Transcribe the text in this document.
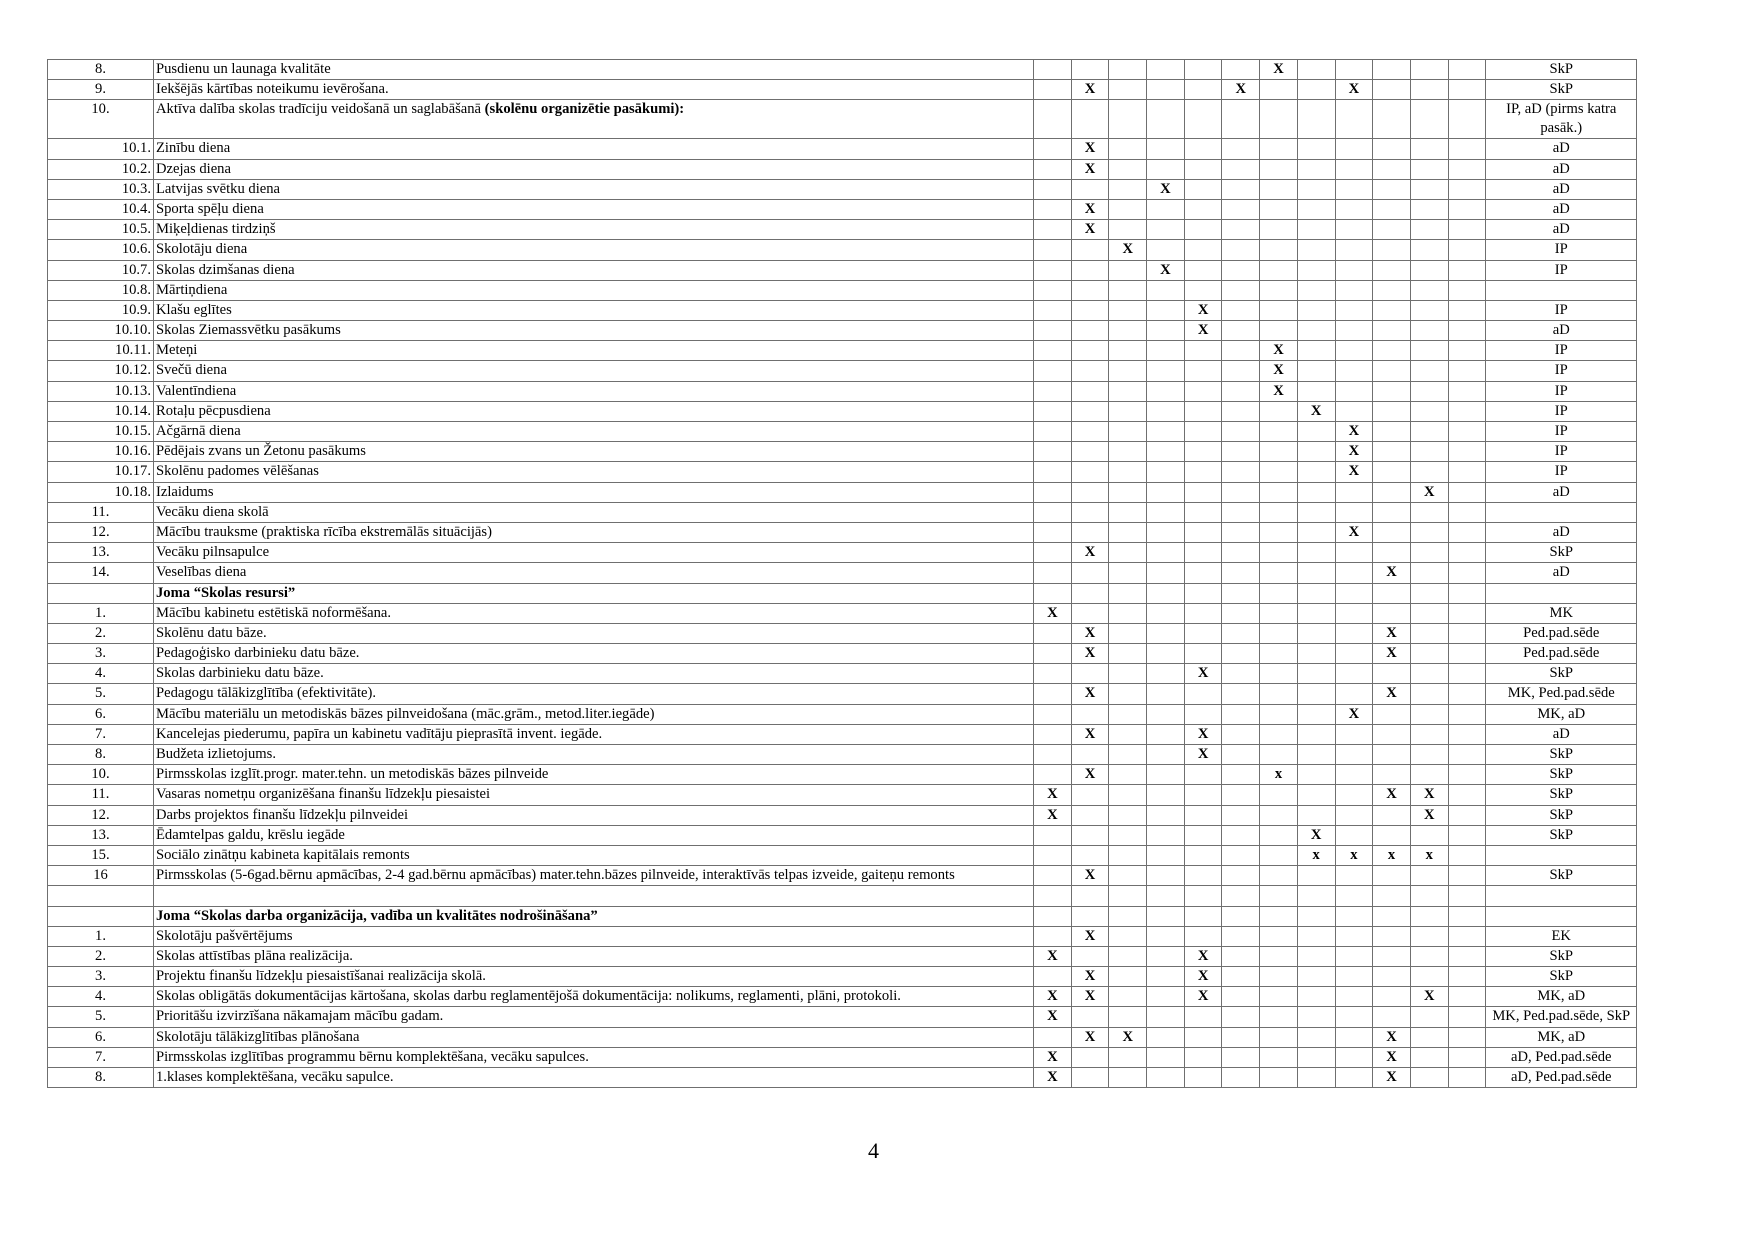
8.	Pusdienu un launaga kvalitāte							X						SkP
9.	Iekšējās kārtības noteikumu ievērošana.		X				X			X				SkP
10.	Aktīva dalība skolas tradīciju veidošanā un saglabāšanā (skolēnu organizētie pasākumi):													IP, aD (pirms katra pasāk.)
10.1.	Zinību diena		X											aD
10.2.	Dzejas diena		X											aD
10.3.	Latvijas svētku diena				X									aD
10.4.	Sporta spēļu diena		X											aD
10.5.	Miķeļdienas tirdziņš		X											aD
10.6.	Skolotāju diena			X										IP
10.7.	Skolas dzimšanas diena				X									IP
10.8.	Mārtiņdiena													
10.9.	Klašu eglītes					X								IP
10.10.	Skolas Ziemassvētku pasākums					X								aD
10.11.	Meteņi							X						IP
10.12.	Svečū diena							X						IP
10.13.	Valentīndiena							X						IP
10.14.	Rotaļu pēcpusdiena								X					IP
10.15.	Ačgārnā diena									X				IP
10.16.	Pēdējais zvans un Žetonu pasākums									X				IP
10.17.	Skolēnu padomes vēlēšanas									X				IP
10.18.	Izlaidums											X		aD
11.	Vecāku diena skolā													
12.	Mācību trauksme (praktiska rīcība ekstremālās situācijās)									X				aD
13.	Vecāku pilnsapulce		X											SkP
14.	Veselības diena										X			aD
	Joma “Skolas resursi”													
1.	Mācību kabinetu estētiskā noformēšana.	X												MK
2.	Skolēnu datu bāze.		X								X			Ped.pad.sēde
3.	Pedagoģisko darbinieku datu bāze.		X								X			Ped.pad.sēde
4.	Skolas darbinieku datu bāze.					X								SkP
5.	Pedagogu tālākizglītība (efektivitāte).		X								X			MK, Ped.pad.sēde
6.	Mācību materiālu un metodiskās bāzes pilnveidošana (māc.grām., metod.liter.iegāde)									X				MK, aD
7.	Kancelejas piederumu, papīra un kabinetu vadītāju pieprasītā invent. iegāde.		X			X								aD
8.	Budžeta izlietojums.					X								SkP
10.	Pirmsskolas izglīt.progr. mater.tehn. un metodiskās bāzes pilnveide		X					x						SkP
11.	Vasaras nometņu organizēšana finanšu līdzekļu piesaistei	X									X	X		SkP
12.	Darbs projektos finanšu līdzekļu pilnveidei	X										X		SkP
13.	Ēdamtelpas galdu, krēslu iegāde								X					SkP
15.	Sociālo zinātņu kabineta kapitālais remonts								x	x	x	x		
16	Pirmsskolas (5-6gad.bērnu apmācības, 2-4 gad.bērnu apmācības) mater.tehn.bāzes pilnveide, interaktīvās telpas izveide, gaiteņu remonts		X											SkP

	Joma “Skolas darba organizācija, vadība un kvalitātes nodrošināšana”													
1.	Skolotāju pašvērtējums		X											EK
2.	Skolas attīstības plāna realizācija.	X				X								SkP
3.	Projektu finanšu līdzekļu piesaistīšanai realizācija skolā.		X			X								SkP
4.	Skolas obligātās dokumentācijas kārtošana, skolas darbu reglamentējošā dokumentācija: nolikums, reglamenti, plāni, protokoli.	X	X			X						X		MK, aD
5.	Prioritāšu izvirzīšana nākamajam mācību gadam.	X												MK, Ped.pad.sēde, SkP
6.	Skolotāju tālākizglītības plānošana		X	X							X			MK, aD
7.	Pirmsskolas izglītības programmu bērnu komplektēšana, vecāku sapulces.	X									X			aD, Ped.pad.sēde
8.	1.klases komplektēšana, vecāku sapulce.	X									X			aD, Ped.pad.sēde
4
